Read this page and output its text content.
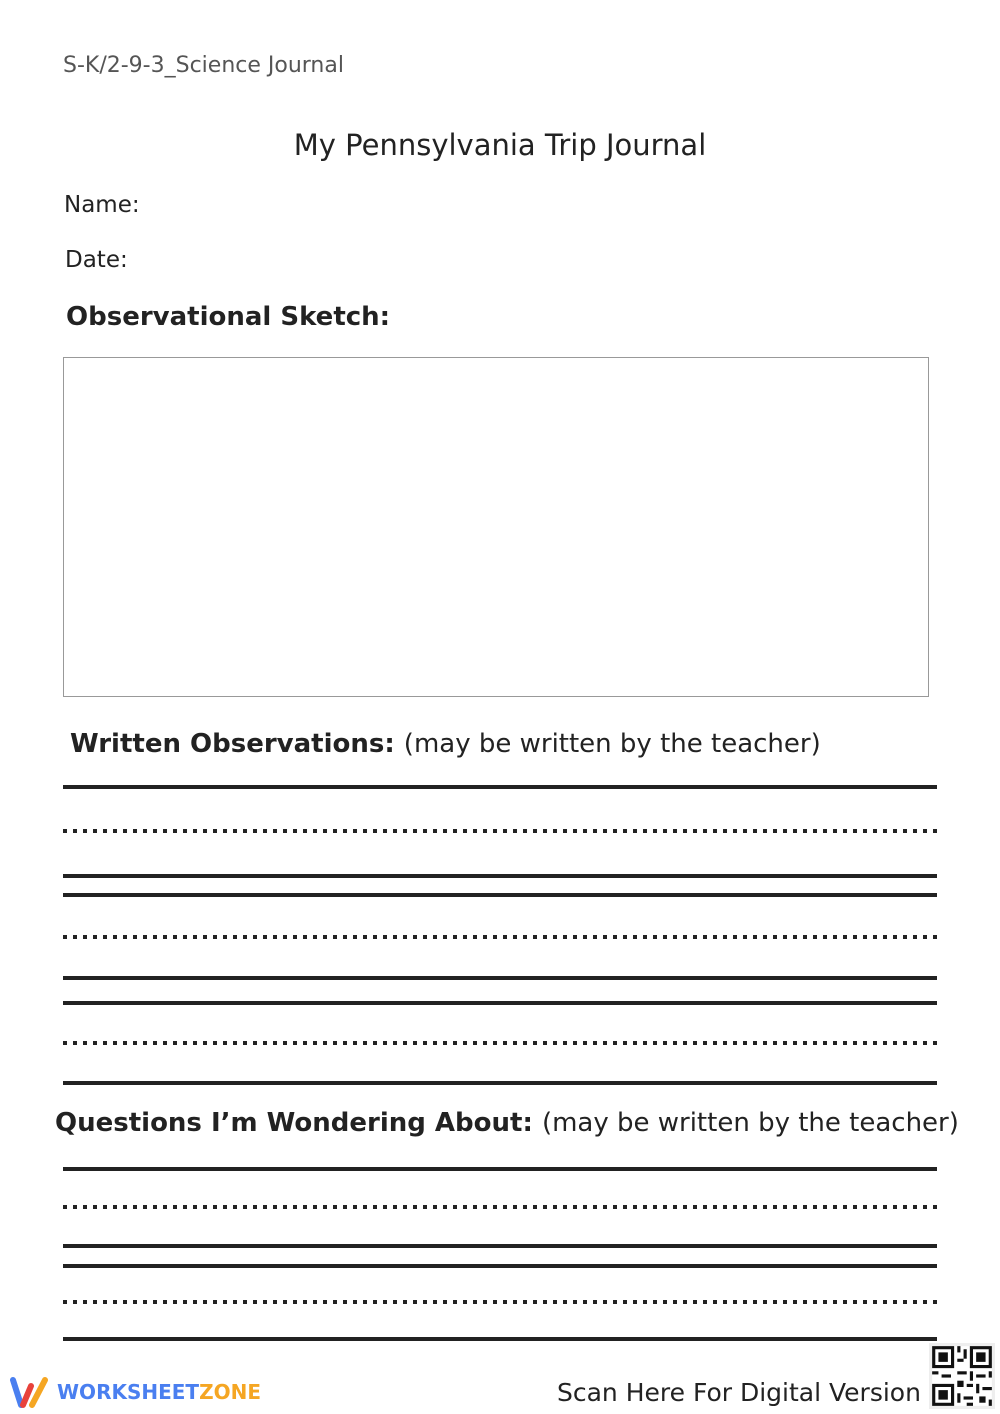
S-K/2-9-3_Science Journal
My Pennsylvania Trip Journal
Name:
Date:
Observational Sketch:
Written Observations: (may be written by the teacher)
Questions I’m Wondering About: (may be written by the teacher)
WORKSHEETZONE	Scan Here For Digital Version
